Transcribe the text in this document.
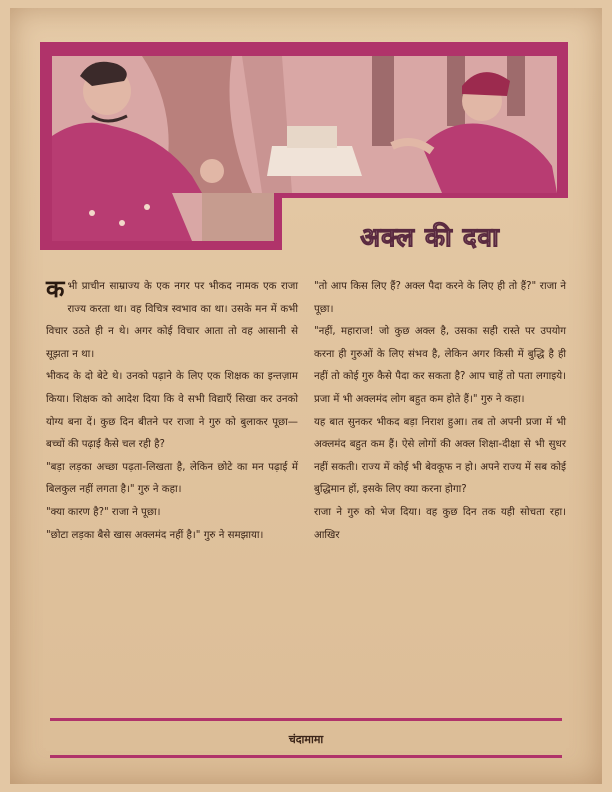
अक्ल की दवा

कभी प्राचीन साम्राज्य के एक नगर पर भीकद नामक एक राजा राज्य करता था। वह विचित्र स्वभाव का था। उसके मन में कभी विचार उठते ही न थे। अगर कोई विचार आता तो वह आसानी से सूझता न था।

भीकद के दो बेटे थे। उनको पढ़ाने के लिए एक शिक्षक का इन्तज़ाम किया। शिक्षक को आदेश दिया कि वे सभी विद्याएँ सिखा कर उनको योग्य बना दें। कुछ दिन बीतने पर राजा ने गुरु को बुलाकर पूछा—बच्चों की पढ़ाई कैसे चल रही है?

"बड़ा लड़का अच्छा पढ़ता-लिखता है, लेकिन छोटे का मन पढ़ाई में बिलकुल नहीं लगता है।" गुरु ने कहा।

"क्या कारण है?" राजा ने पूछा।

"छोटा लड़का बैसे खास अक्लमंद नहीं है।" गुरु ने समझाया।

"तो आप किस लिए हैं? अक्ल पैदा करने के लिए ही तो हैं?" राजा ने पूछा।

"नहीं, महाराज! जो कुछ अक्ल है, उसका सही रास्ते पर उपयोग करना ही गुरुओं के लिए संभव है, लेकिन अगर किसी में बुद्धि है ही नहीं तो कोई गुरु कैसे पैदा कर सकता है? आप चाहें तो पता लगाइये। प्रजा में भी अक्लमंद लोग बहुत कम होते हैं।" गुरु ने कहा।

यह बात सुनकर भीकद बड़ा निराश हुआ। तब तो अपनी प्रजा में भी अक्लमंद बहुत कम हैं। ऐसे लोगों की अक्ल शिक्षा-दीक्षा से भी सुधर नहीं सकती। राज्य में कोई भी बेवकूफ न हो। अपने राज्य में सब कोई बुद्धिमान हों, इसके लिए क्या करना होगा?

राजा ने गुरु को भेज दिया। वह कुछ दिन तक यही सोचता रहा। आखिर

चंदामामा
